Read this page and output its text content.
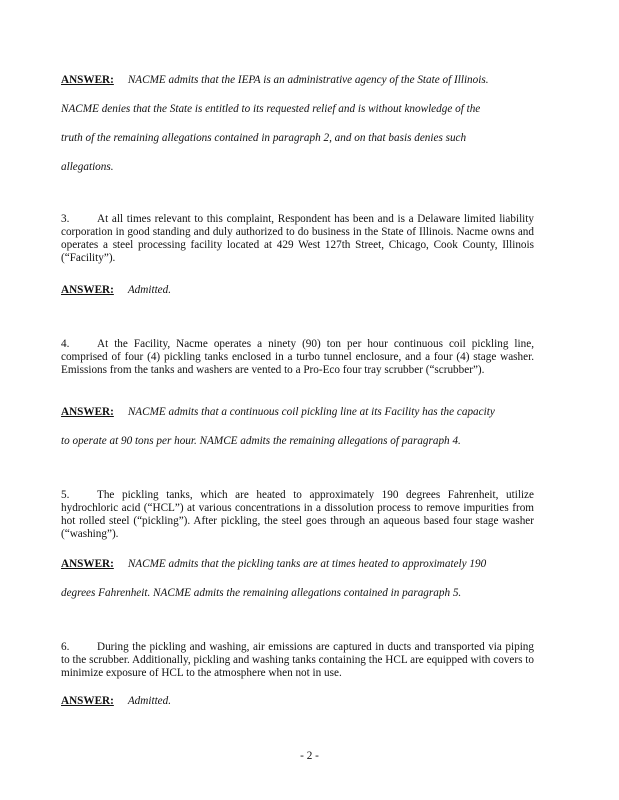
ANSWER: NACME admits that the IEPA is an administrative agency of the State of Illinois.

NACME denies that the State is entitled to its requested relief and is without knowledge of the

truth of the remaining allegations contained in paragraph 2, and on that basis denies such

allegations.

3. At all times relevant to this complaint, Respondent has been and is a Delaware limited liability corporation in good standing and duly authorized to do business in the State of Illinois. Nacme owns and operates a steel processing facility located at 429 West 127th Street, Chicago, Cook County, Illinois (“Facility”).

ANSWER: Admitted.

4. At the Facility, Nacme operates a ninety (90) ton per hour continuous coil pickling line, comprised of four (4) pickling tanks enclosed in a turbo tunnel enclosure, and a four (4) stage washer. Emissions from the tanks and washers are vented to a Pro-Eco four tray scrubber (“scrubber”).

ANSWER: NACME admits that a continuous coil pickling line at its Facility has the capacity

to operate at 90 tons per hour. NAMCE admits the remaining allegations of paragraph 4.

5. The pickling tanks, which are heated to approximately 190 degrees Fahrenheit, utilize hydrochloric acid (“HCL”) at various concentrations in a dissolution process to remove impurities from hot rolled steel (“pickling”). After pickling, the steel goes through an aqueous based four stage washer (“washing”).

ANSWER: NACME admits that the pickling tanks are at times heated to approximately 190

degrees Fahrenheit. NACME admits the remaining allegations contained in paragraph 5.

6. During the pickling and washing, air emissions are captured in ducts and transported via piping to the scrubber. Additionally, pickling and washing tanks containing the HCL are equipped with covers to minimize exposure of HCL to the atmosphere when not in use.

ANSWER: Admitted.

- 2 -
